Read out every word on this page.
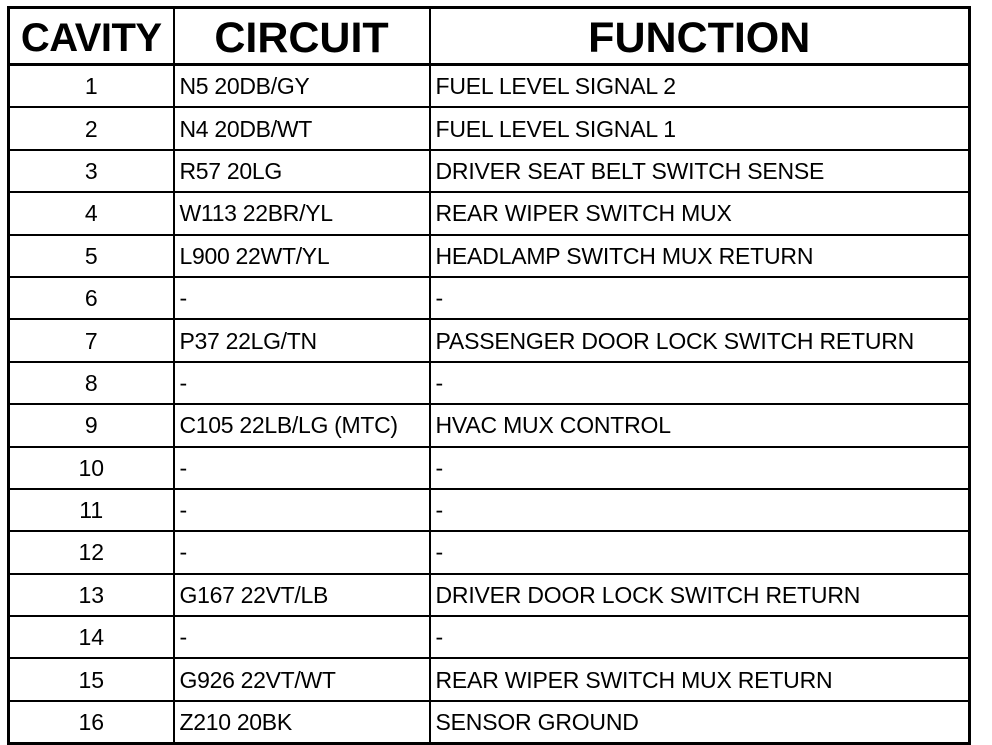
CAVITY	CIRCUIT	FUNCTION
1	N5 20DB/GY	FUEL LEVEL SIGNAL 2
2	N4 20DB/WT	FUEL LEVEL SIGNAL 1
3	R57 20LG	DRIVER SEAT BELT SWITCH SENSE
4	W113 22BR/YL	REAR WIPER SWITCH MUX
5	L900 22WT/YL	HEADLAMP SWITCH MUX RETURN
6	-	-
7	P37 22LG/TN	PASSENGER DOOR LOCK SWITCH RETURN
8	-	-
9	C105 22LB/LG (MTC)	HVAC MUX CONTROL
10	-	-
11	-	-
12	-	-
13	G167 22VT/LB	DRIVER DOOR LOCK SWITCH RETURN
14	-	-
15	G926 22VT/WT	REAR WIPER SWITCH MUX RETURN
16	Z210 20BK	SENSOR GROUND
